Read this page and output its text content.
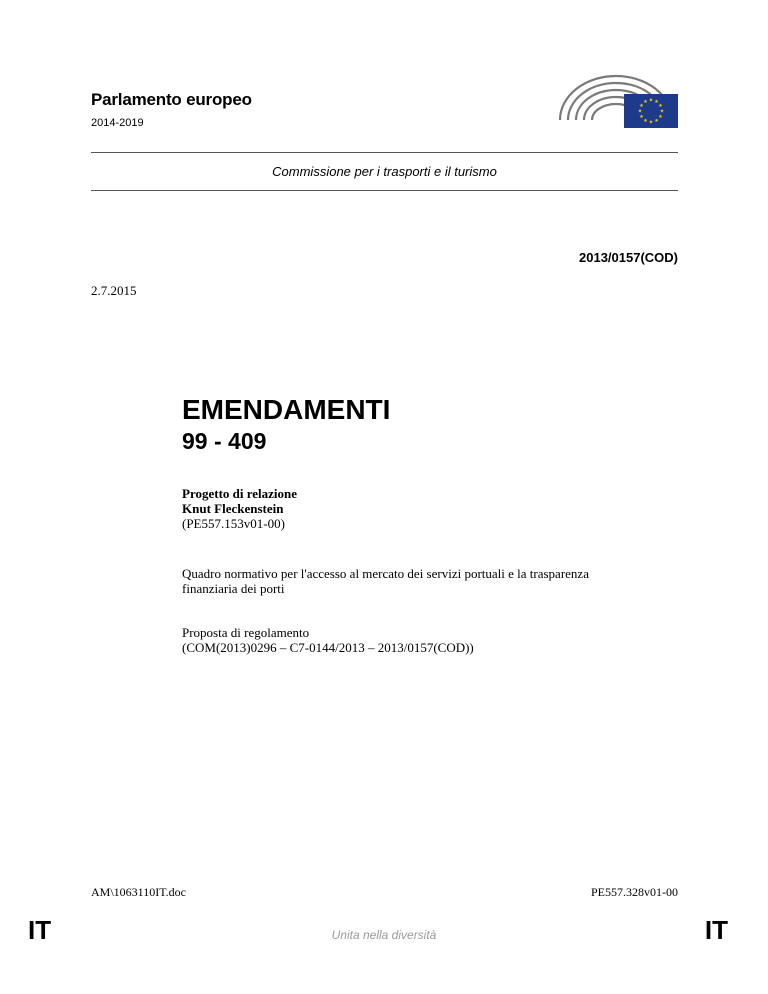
Parlamento europeo
2014-2019
★
★
★
★
★
★
★
★
★ ★ ★
★
Commissione per i trasporti e il turismo
2013/0157(COD)
2.7.2015
EMENDAMENTI
99 - 409
Progetto di relazione
Knut Fleckenstein
(PE557.153v01-00)
Quadro normativo per l'accesso al mercato dei servizi portuali e la trasparenza
finanziaria dei porti
Proposta di regolamento
(COM(2013)0296 – C7-0144/2013 – 2013/0157(COD))
AM\1063110IT.doc	PE557.328v01-00
IT	Unita nella diversità	IT
